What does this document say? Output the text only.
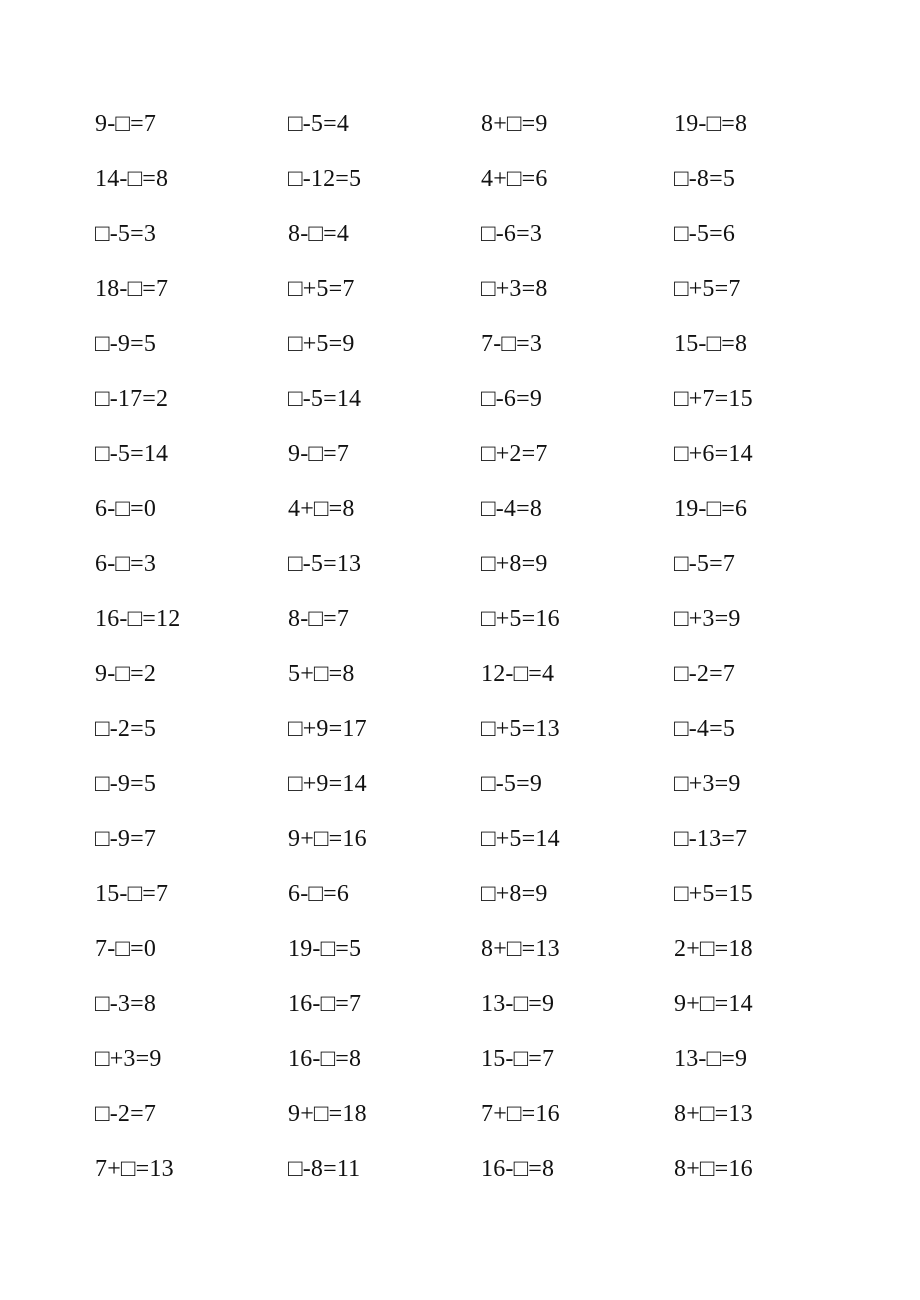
9-□=7	□-5=4	8+□=9	19-□=8
14-□=8	□-12=5	4+□=6	□-8=5
□-5=3	8-□=4	□-6=3	□-5=6
18-□=7	□+5=7	□+3=8	□+5=7
□-9=5	□+5=9	7-□=3	15-□=8
□-17=2	□-5=14	□-6=9	□+7=15
□-5=14	9-□=7	□+2=7	□+6=14
6-□=0	4+□=8	□-4=8	19-□=6
6-□=3	□-5=13	□+8=9	□-5=7
16-□=12	8-□=7	□+5=16	□+3=9
9-□=2	5+□=8	12-□=4	□-2=7
□-2=5	□+9=17	□+5=13	□-4=5
□-9=5	□+9=14	□-5=9	□+3=9
□-9=7	9+□=16	□+5=14	□-13=7
15-□=7	6-□=6	□+8=9	□+5=15
7-□=0	19-□=5	8+□=13	2+□=18
□-3=8	16-□=7	13-□=9	9+□=14
□+3=9	16-□=8	15-□=7	13-□=9
□-2=7	9+□=18	7+□=16	8+□=13
7+□=13	□-8=11	16-□=8	8+□=16
